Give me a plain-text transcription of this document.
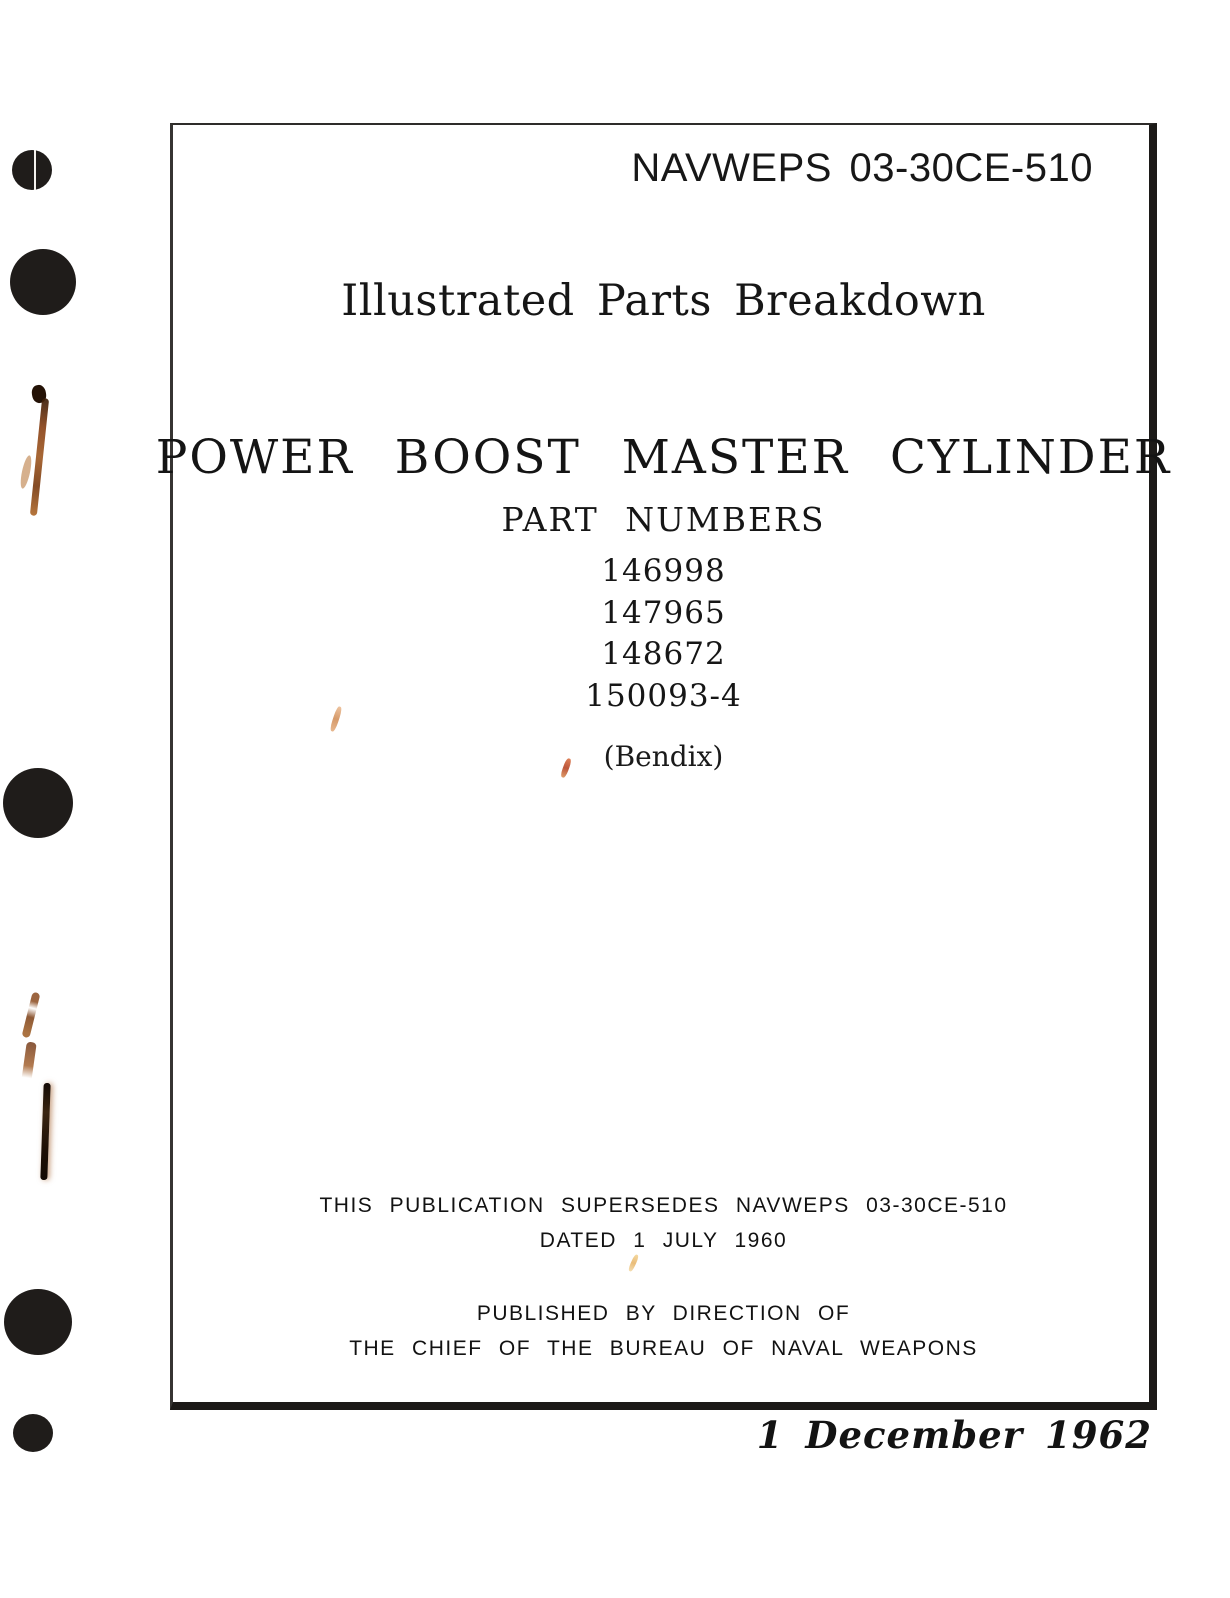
NAVWEPS 03-30CE-510
Illustrated Parts Breakdown
POWER BOOST MASTER CYLINDER
PART NUMBERS
146998
147965
148672
150093-4
(Bendix)
THIS PUBLICATION SUPERSEDES NAVWEPS 03-30CE-510
DATED 1 JULY 1960
PUBLISHED BY DIRECTION OF
THE CHIEF OF THE BUREAU OF NAVAL WEAPONS
1 December 1962
